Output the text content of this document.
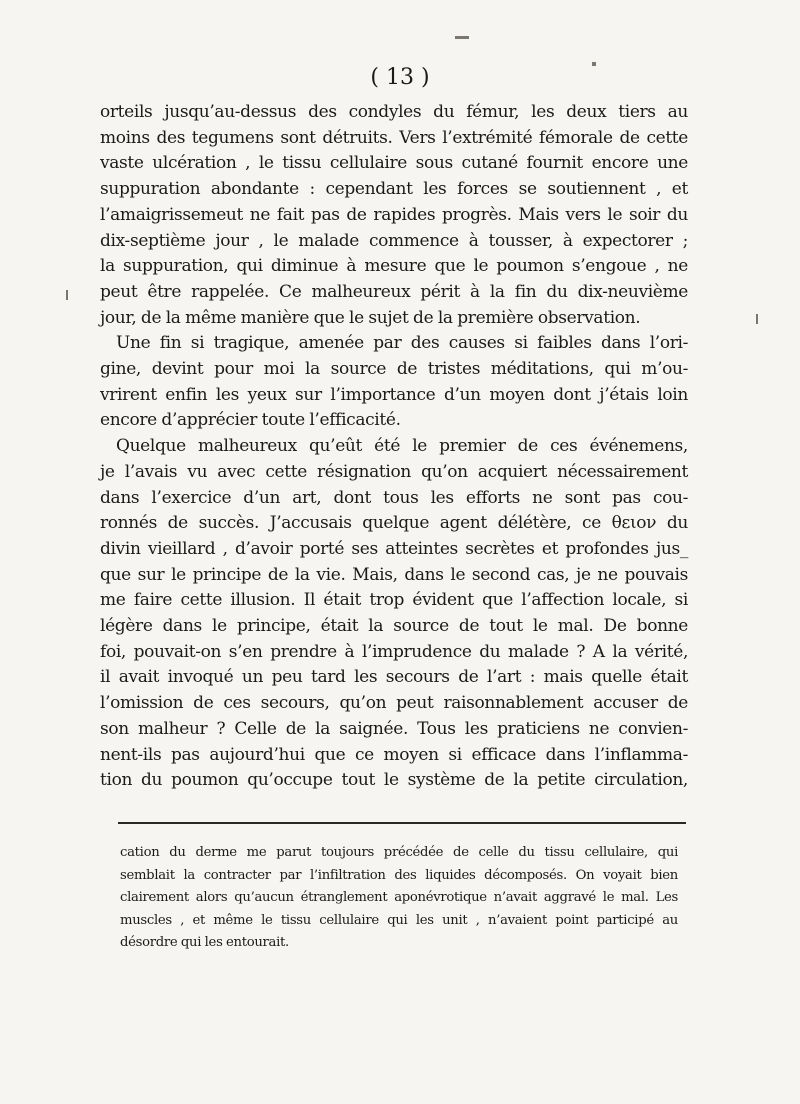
( 13 )
orteils jusqu’au-dessus des condyles du fémur, les deux tiers au
moins des tegumens sont détruits. Vers l’extrémité fémorale de cette
vaste ulcération , le tissu cellulaire sous cutané fournit encore une
suppuration abondante : cependant les forces se soutiennent , et
l’amaigrissemeut ne fait pas de rapides progrès. Mais vers le soir du
dix-septième jour , le malade commence à tousser, à expectorer ;
la suppuration, qui diminue à mesure que le poumon s’engoue , ne
peut être rappelée. Ce malheureux périt à la fin du dix-neuvième
jour, de la même manière que le sujet de la première observation.
Une fin si tragique, amenée par des causes si faibles dans l’ori-
gine, devint pour moi la source de tristes méditations, qui m’ou-
vrirent enfin les yeux sur l’importance d’un moyen dont j’étais loin
encore d’apprécier toute l’efficacité.
Quelque malheureux qu’eût été le premier de ces événemens,
je l’avais vu avec cette résignation qu’on acquiert nécessairement
dans l’exercice d’un art, dont tous les efforts ne sont pas cou-
ronnés de succès. J’accusais quelque agent délétère, ce θειον du
divin vieillard , d’avoir porté ses atteintes secrètes et profondes jus_
que sur le principe de la vie. Mais, dans le second cas, je ne pouvais
me faire cette illusion. Il était trop évident que l’affection locale, si
légère dans le principe, était la source de tout le mal. De bonne
foi, pouvait-on s’en prendre à l’imprudence du malade ? A la vérité,
il avait invoqué un peu tard les secours de l’art : mais quelle était
l’omission de ces secours, qu’on peut raisonnablement accuser de
son malheur ? Celle de la saignée. Tous les praticiens ne convien-
nent-ils pas aujourd’hui que ce moyen si efficace dans l’inflamma-
tion du poumon qu’occupe tout le système de la petite circulation,
cation du derme me parut toujours précédée de celle du tissu cellulaire, qui
semblait la contracter par l’infiltration des liquides décomposés. On voyait bien
clairement alors qu’aucun étranglement aponévrotique n’avait aggravé le mal. Les
muscles , et même le tissu cellulaire qui les unit , n’avaient point participé au
désordre qui les entourait.
